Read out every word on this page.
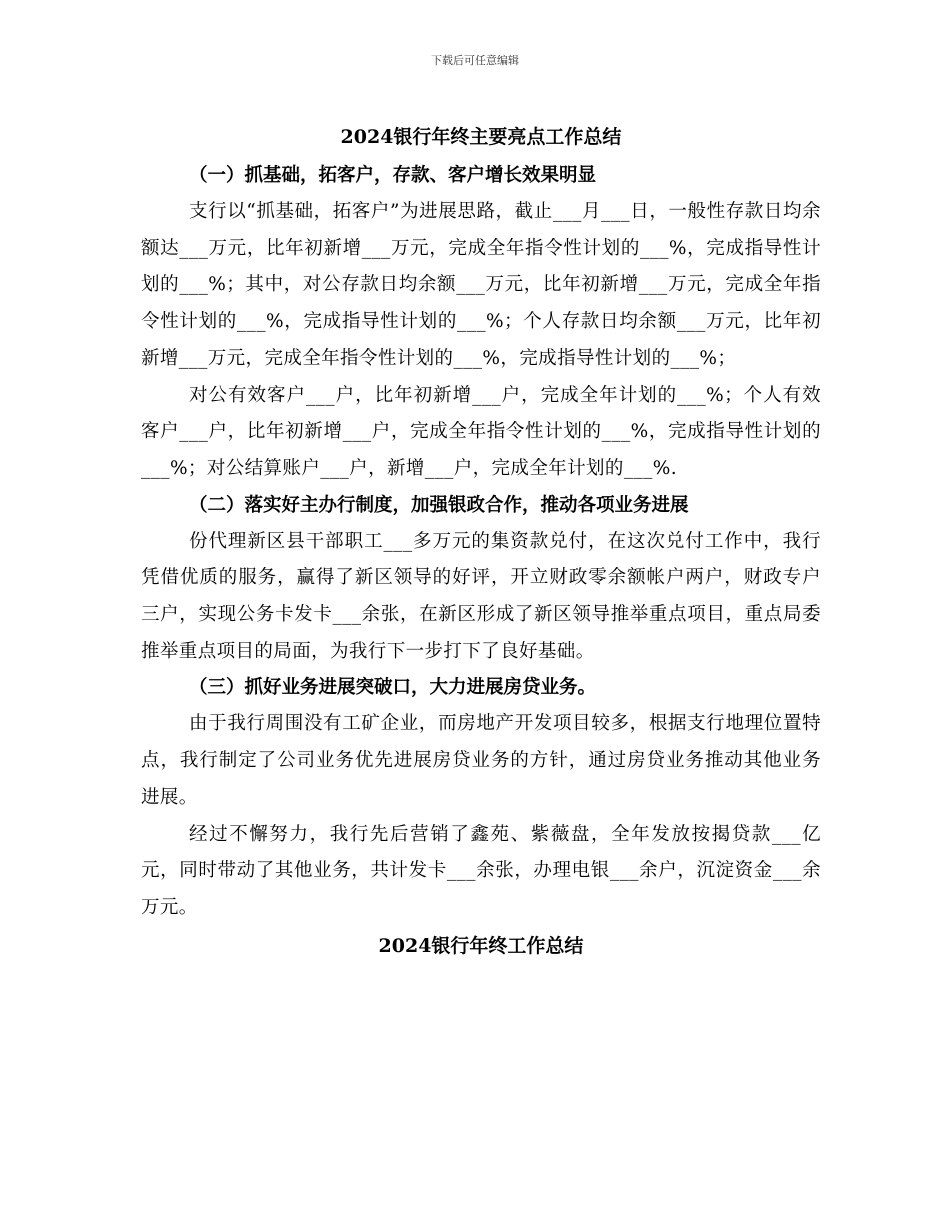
下载后可任意编辑
2024银行年终主要亮点工作总结
（一）抓基础，拓客户，存款、客户增长效果明显

支行以“抓基础，拓客户”为进展思路，截止___月___日，一般性存款日均余额达___万元，比年初新增___万元，完成全年指令性计划的___%，完成指导性计划的___%；其中，对公存款日均余额___万元，比年初新增___万元，完成全年指令性计划的___%，完成指导性计划的___%；个人存款日均余额___万元，比年初新增___万元，完成全年指令性计划的___%，完成指导性计划的___%；

对公有效客户___户，比年初新增___户，完成全年计划的___%；个人有效客户___户，比年初新增___户，完成全年指令性计划的___%，完成指导性计划的___%；对公结算账户___户，新增___户，完成全年计划的___%.

（二）落实好主办行制度，加强银政合作，推动各项业务进展

份代理新区县干部职工___多万元的集资款兑付，在这次兑付工作中，我行凭借优质的服务，赢得了新区领导的好评，开立财政零余额帐户两户，财政专户三户，实现公务卡发卡___余张，在新区形成了新区领导推举重点项目，重点局委推举重点项目的局面，为我行下一步打下了良好基础。

（三）抓好业务进展突破口，大力进展房贷业务。

由于我行周围没有工矿企业，而房地产开发项目较多，根据支行地理位置特点，我行制定了公司业务优先进展房贷业务的方针，通过房贷业务推动其他业务进展。

经过不懈努力，我行先后营销了鑫苑、紫薇盘，全年发放按揭贷款___亿元，同时带动了其他业务，共计发卡___余张，办理电银___余户，沉淀资金___余万元。

2024银行年终工作总结
